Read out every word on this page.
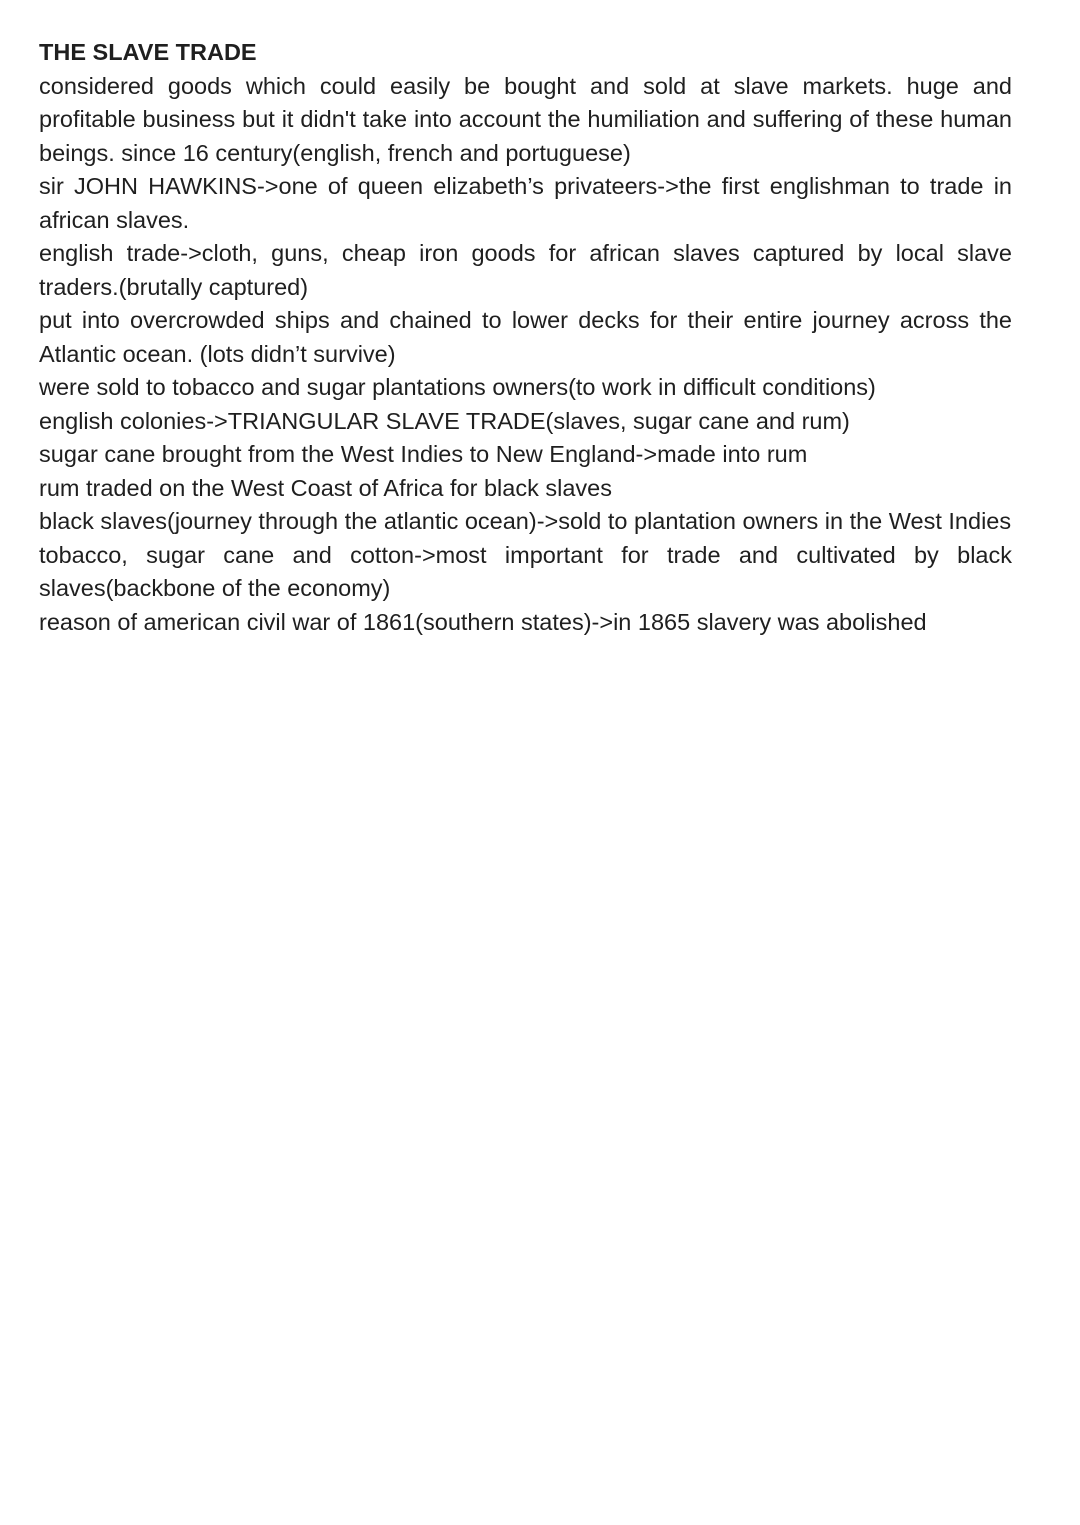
THE SLAVE TRADE

considered goods which could easily be bought and sold at slave markets. huge and profitable business but it didn't take into account the humiliation and suffering of these human beings. since 16 century(english, french and portuguese)

sir JOHN HAWKINS->one of queen elizabeth’s privateers->the first englishman to trade in african slaves.

english trade->cloth, guns, cheap iron goods for african slaves captured by local slave traders.(brutally captured)

put into overcrowded ships and chained to lower decks for their entire journey across the Atlantic ocean. (lots didn’t survive)

were sold to tobacco and sugar plantations owners(to work in difficult conditions)

english colonies->TRIANGULAR SLAVE TRADE(slaves, sugar cane and rum)

sugar cane brought from the West Indies to New England->made into rum

rum traded on the West Coast of Africa for black slaves

black slaves(journey through the atlantic ocean)->sold to plantation owners in the West Indies

tobacco, sugar cane and cotton->most important for trade and cultivated by black slaves(backbone of the economy)

reason of american civil war of 1861(southern states)->in 1865 slavery was abolished
